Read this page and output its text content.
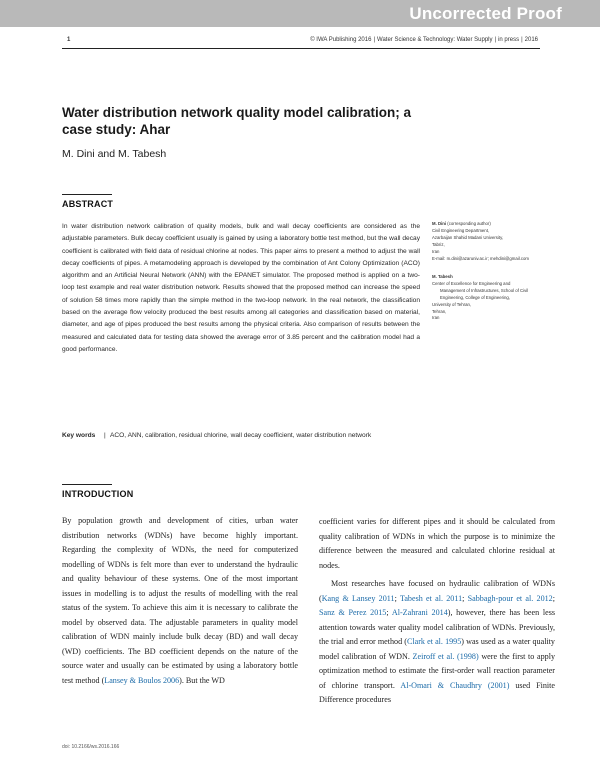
Uncorrected Proof
1	© IWA Publishing 2016 | Water Science & Technology: Water Supply | in press | 2016
Water distribution network quality model calibration; a case study: Ahar
M. Dini and M. Tabesh
ABSTRACT

In water distribution network calibration of quality models, bulk and wall decay coefficients are considered as the adjustable parameters. Bulk decay coefficient usually is gained by using a laboratory bottle test method, but the wall decay coefficient is calibrated with field data of residual chlorine at nodes. This paper aims to present a method to adjust the wall decay coefficients of pipes. A metamodeling approach is developed by the combination of Ant Colony Optimization (ACO) algorithm and an Artificial Neural Network (ANN) with the EPANET simulator. The proposed method is applied on a two-loop test example and real water distribution network. Results showed that the proposed method can increase the speed of solution 58 times more rapidly than the simple method in the two-loop network. In the real network, the classification based on the average flow velocity produced the best results among all categories and classification based on material, diameter, and age of pipes produced the best results among the physical criteria. Also comparison of results between the measured and calculated data for testing data showed the average error of 3.85 percent and the calibration model had a good performance.

Key words | ACO, ANN, calibration, residual chlorine, wall decay coefficient, water distribution network
M. Dini (corresponding author)
Civil Engineering Department,
Azarbaijan Shahid Madani University,
Tabriz,
Iran
E-mail: m.dini@azaruniv.ac.ir; mehdini@gmail.com
M. Tabesh
Center of Excellence for Engineering and
Management of Infrastructures, School of Civil
Engineering, College of Engineering,
University of Tehran,
Tehran,
Iran
INTRODUCTION

By population growth and development of cities, urban water distribution networks (WDNs) have become highly important. Regarding the complexity of WDNs, the need for computerized modelling of WDNs is felt more than ever to understand the hydraulic and quality behaviour of these systems. One of the most important issues in modelling is to adjust the results of modelling with the real status of the system. To achieve this aim it is necessary to calibrate the model by observed data. The adjustable parameters in quality model calibration of WDN mainly include bulk decay (BD) and wall decay (WD) coefficients. The BD coefficient depends on the nature of the source water and usually can be estimated by using a laboratory bottle test method (Lansey & Boulos 2006). But the WD

coefficient varies for different pipes and it should be calculated from quality calibration of WDNs in which the purpose is to minimize the difference between the measured and calculated chlorine residual at nodes.

Most researches have focused on hydraulic calibration of WDNs (Kang & Lansey 2011; Tabesh et al. 2011; Sabbagh-pour et al. 2012; Sanz & Perez 2015; Al-Zahrani 2014), however, there has been less attention towards water quality model calibration of WDNs. Previously, the trial and error method (Clark et al. 1995) was used as a water quality model calibration of WDN. Zeiroff et al. (1998) were the first to apply optimization method to estimate the first-order wall reaction parameter of chlorine transport. Al-Omari & Chaudhry (2001) used Finite Difference procedures

doi: 10.2166/ws.2016.166
